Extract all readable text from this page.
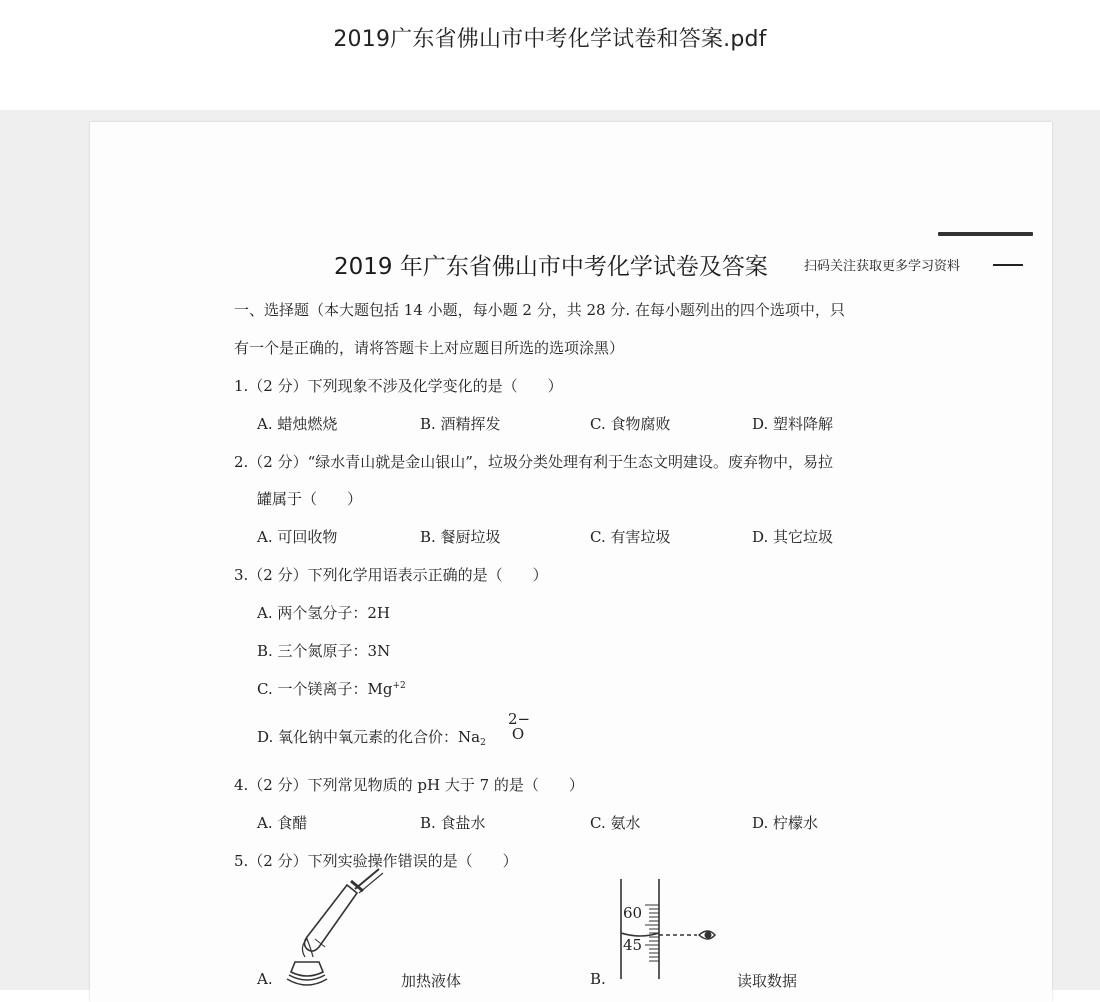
2019广东省佛山市中考化学试卷和答案.pdf
2019 年广东省佛山市中考化学试卷及答案	扫码关注获取更多学习资料
一、选择题（本大题包括 14 小题，每小题 2 分，共 28 分. 在每小题列出的四个选项中，只
有一个是正确的，请将答题卡上对应题目所选的选项涂黑）
1.（2 分）下列现象不涉及化学变化的是（　　）
A. 蜡烛燃烧	B. 酒精挥发	C. 食物腐败	D. 塑料降解
2.（2 分）“绿水青山就是金山银山”，垃圾分类处理有利于生态文明建设。废弃物中，易拉
罐属于（　　）
A. 可回收物	B. 餐厨垃圾	C. 有害垃圾	D. 其它垃圾
3.（2 分）下列化学用语表示正确的是（　　）
A. 两个氢分子：2H
B. 三个氮原子：3N
C. 一个镁离子：$Mg^{+2}$
D. 氧化钠中氧元素的化合价：$Na_2$
2−
O
4.（2 分）下列常见物质的 pH 大于 7 的是（　　）
A. 食醋	B. 食盐水	C. 氨水	D. 柠檬水
5.（2 分）下列实验操作错误的是（　　）
A.	加热液体
60
45
B.	读取数据
